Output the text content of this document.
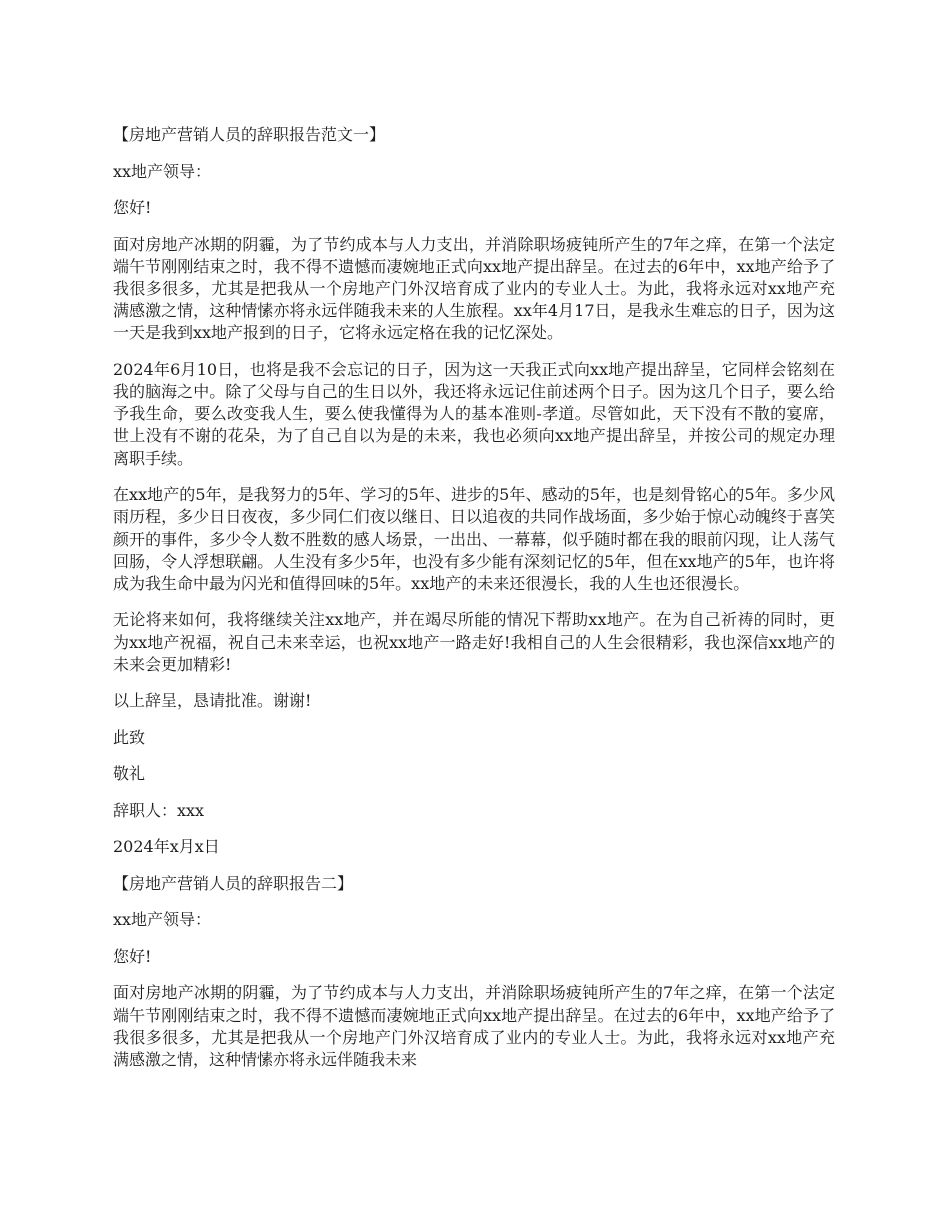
【房地产营销人员的辞职报告范文一】

xx地产领导：

您好!

面对房地产冰期的阴霾，为了节约成本与人力支出，并消除职场疲钝所产生的7年之痒，在第一个法定端午节刚刚结束之时，我不得不遗憾而凄婉地正式向xx地产提出辞呈。在过去的6年中，xx地产给予了我很多很多，尤其是把我从一个房地产门外汉培育成了业内的专业人士。为此，我将永远对xx地产充满感激之情，这种情愫亦将永远伴随我未来的人生旅程。xx年4月17日，是我永生难忘的日子，因为这一天是我到xx地产报到的日子，它将永远定格在我的记忆深处。

2024年6月10日，也将是我不会忘记的日子，因为这一天我正式向xx地产提出辞呈，它同样会铭刻在我的脑海之中。除了父母与自己的生日以外，我还将永远记住前述两个日子。因为这几个日子，要么给予我生命，要么改变我人生，要么使我懂得为人的基本准则-孝道。尽管如此，天下没有不散的宴席，世上没有不谢的花朵，为了自己自以为是的未来，我也必须向xx地产提出辞呈，并按公司的规定办理离职手续。

在xx地产的5年，是我努力的5年、学习的5年、进步的5年、感动的5年，也是刻骨铭心的5年。多少风雨历程，多少日日夜夜，多少同仁们夜以继日、日以追夜的共同作战场面，多少始于惊心动魄终于喜笑颜开的事件，多少令人数不胜数的感人场景，一出出、一幕幕，似乎随时都在我的眼前闪现，让人荡气回肠，令人浮想联翩。人生没有多少5年，也没有多少能有深刻记忆的5年，但在xx地产的5年，也许将成为我生命中最为闪光和值得回味的5年。xx地产的未来还很漫长，我的人生也还很漫长。

无论将来如何，我将继续关注xx地产，并在竭尽所能的情况下帮助xx地产。在为自己祈祷的同时，更为xx地产祝福，祝自己未来幸运，也祝xx地产一路走好!我相自己的人生会很精彩，我也深信xx地产的未来会更加精彩!

以上辞呈，恳请批准。谢谢!

此致

敬礼

辞职人：xxx

2024年x月x日

【房地产营销人员的辞职报告二】

xx地产领导：

您好!

面对房地产冰期的阴霾，为了节约成本与人力支出，并消除职场疲钝所产生的7年之痒，在第一个法定端午节刚刚结束之时，我不得不遗憾而凄婉地正式向xx地产提出辞呈。在过去的6年中，xx地产给予了我很多很多，尤其是把我从一个房地产门外汉培育成了业内的专业人士。为此，我将永远对xx地产充满感激之情，这种情愫亦将永远伴随我未来
